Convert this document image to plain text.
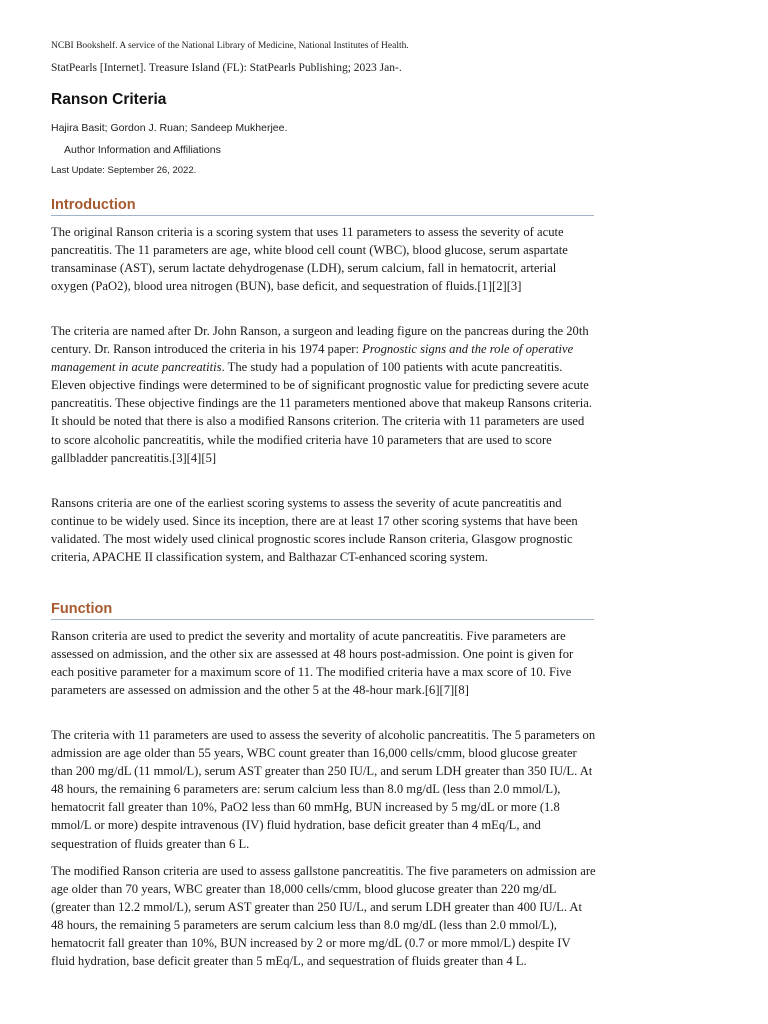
NCBI Bookshelf. A service of the National Library of Medicine, National Institutes of Health.
StatPearls [Internet]. Treasure Island (FL): StatPearls Publishing; 2023 Jan-.
Ranson Criteria
Hajira Basit; Gordon J. Ruan; Sandeep Mukherjee.
Author Information and Affiliations
Last Update: September 26, 2022.
Introduction

The original Ranson criteria is a scoring system that uses 11 parameters to assess the severity of acute pancreatitis. The 11 parameters are age, white blood cell count (WBC), blood glucose, serum aspartate transaminase (AST), serum lactate dehydrogenase (LDH), serum calcium, fall in hematocrit, arterial oxygen (PaO2), blood urea nitrogen (BUN), base deficit, and sequestration of fluids.[1][2][3]

The criteria are named after Dr. John Ranson, a surgeon and leading figure on the pancreas during the 20th century. Dr. Ranson introduced the criteria in his 1974 paper: Prognostic signs and the role of operative management in acute pancreatitis. The study had a population of 100 patients with acute pancreatitis. Eleven objective findings were determined to be of significant prognostic value for predicting severe acute pancreatitis. These objective findings are the 11 parameters mentioned above that makeup Ransons criteria. It should be noted that there is also a modified Ransons criterion. The criteria with 11 parameters are used to score alcoholic pancreatitis, while the modified criteria have 10 parameters that are used to score gallbladder pancreatitis.[3][4][5]

Ransons criteria are one of the earliest scoring systems to assess the severity of acute pancreatitis and continue to be widely used. Since its inception, there are at least 17 other scoring systems that have been validated. The most widely used clinical prognostic scores include Ranson criteria, Glasgow prognostic criteria, APACHE II classification system, and Balthazar CT-enhanced scoring system.

Function

Ranson criteria are used to predict the severity and mortality of acute pancreatitis. Five parameters are assessed on admission, and the other six are assessed at 48 hours post-admission. One point is given for each positive parameter for a maximum score of 11. The modified criteria have a max score of 10. Five parameters are assessed on admission and the other 5 at the 48-hour mark.[6][7][8]

The criteria with 11 parameters are used to assess the severity of alcoholic pancreatitis. The 5 parameters on admission are age older than 55 years, WBC count greater than 16,000 cells/cmm, blood glucose greater than 200 mg/dL (11 mmol/L), serum AST greater than 250 IU/L, and serum LDH greater than 350 IU/L. At 48 hours, the remaining 6 parameters are: serum calcium less than 8.0 mg/dL (less than 2.0 mmol/L), hematocrit fall greater than 10%, PaO2 less than 60 mmHg, BUN increased by 5 mg/dL or more (1.8 mmol/L or more) despite intravenous (IV) fluid hydration, base deficit greater than 4 mEq/L, and sequestration of fluids greater than 6 L.

The modified Ranson criteria are used to assess gallstone pancreatitis. The five parameters on admission are age older than 70 years, WBC greater than 18,000 cells/cmm, blood glucose greater than 220 mg/dL (greater than 12.2 mmol/L), serum AST greater than 250 IU/L, and serum LDH greater than 400 IU/L. At 48 hours, the remaining 5 parameters are serum calcium less than 8.0 mg/dL (less than 2.0 mmol/L), hematocrit fall greater than 10%, BUN increased by 2 or more mg/dL (0.7 or more mmol/L) despite IV fluid hydration, base deficit greater than 5 mEq/L, and sequestration of fluids greater than 4 L.
